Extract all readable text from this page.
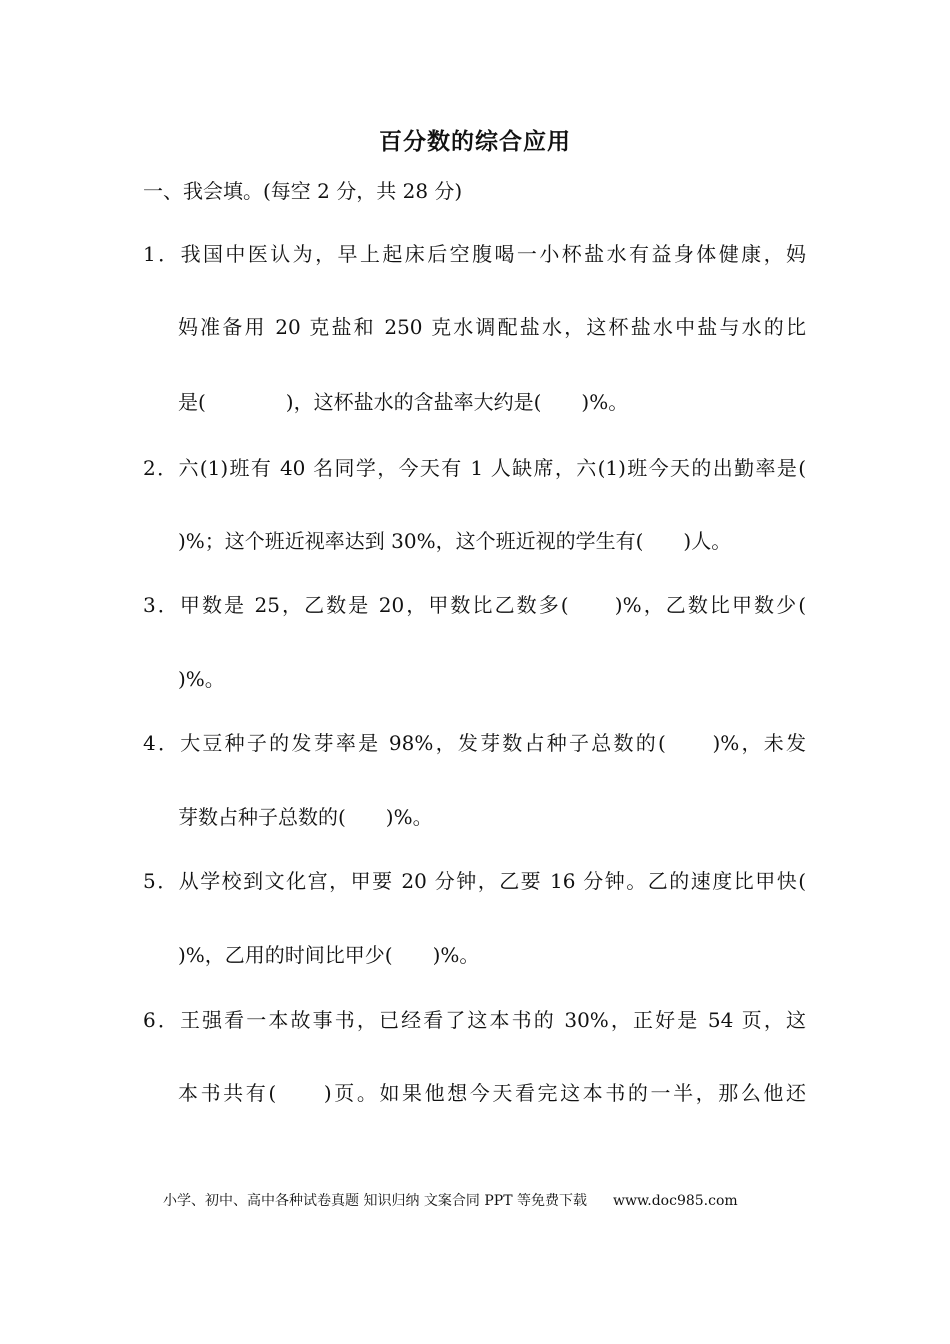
百分数的综合应用
一、我会填。(每空 2 分，共 28 分)
1．我国中医认为，早上起床后空腹喝一小杯盐水有益身体健康，妈
妈准备用 20 克盐和 250 克水调配盐水，这杯盐水中盐与水的比
是(　　　　)，这杯盐水的含盐率大约是(　　)%。
2．六(1)班有 40 名同学，今天有 1 人缺席，六(1)班今天的出勤率是(
)%；这个班近视率达到 30%，这个班近视的学生有(　　)人。
3．甲数是 25，乙数是 20，甲数比乙数多(　　)%，乙数比甲数少(
)%。
4．大豆种子的发芽率是 98%，发芽数占种子总数的(　　)%，未发
芽数占种子总数的(　　)%。
5．从学校到文化宫，甲要 20 分钟，乙要 16 分钟。乙的速度比甲快(
)%，乙用的时间比甲少(　　)%。
6．王强看一本故事书，已经看了这本书的 30%，正好是 54 页，这
本书共有(　　)页。如果他想今天看完这本书的一半，那么他还
小学、初中、高中各种试卷真题 知识归纳 文案合同 PPT 等免费下载 www.doc985.com
